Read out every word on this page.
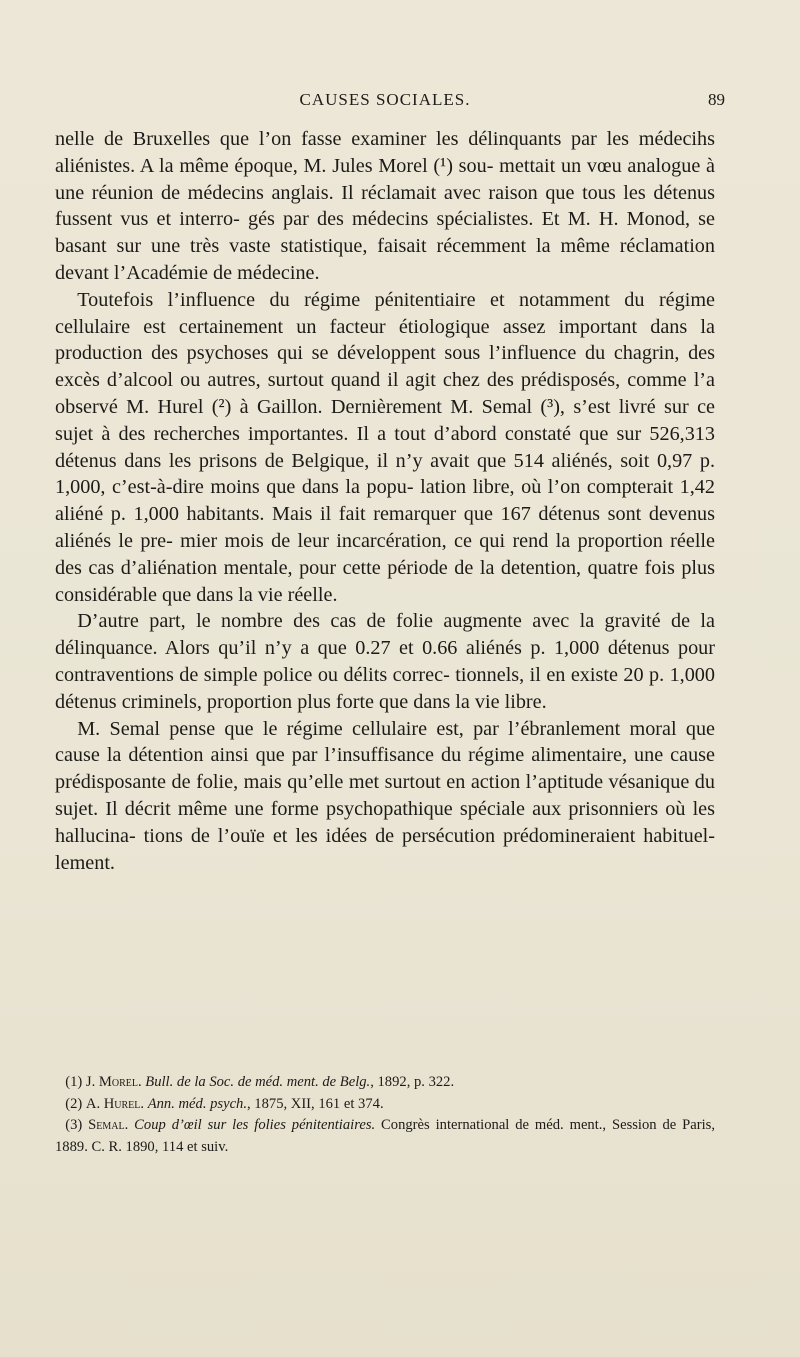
CAUSES SOCIALES.	89

nelle de Bruxelles que l’on fasse examiner les délinquants par les médecihs aliénistes. A la même époque, M. Jules Morel (¹) sou- mettait un vœu analogue à une réunion de médecins anglais. Il réclamait avec raison que tous les détenus fussent vus et interro- gés par des médecins spécialistes. Et M. H. Monod, se basant sur une très vaste statistique, faisait récemment la même réclamation devant l’Académie de médecine.

Toutefois l’influence du régime pénitentiaire et notamment du régime cellulaire est certainement un facteur étiologique assez important dans la production des psychoses qui se développent sous l’influence du chagrin, des excès d’alcool ou autres, surtout quand il agit chez des prédisposés, comme l’a observé M. Hurel (²) à Gaillon. Dernièrement M. Semal (³), s’est livré sur ce sujet à des recherches importantes. Il a tout d’abord constaté que sur 526,313 détenus dans les prisons de Belgique, il n’y avait que 514 aliénés, soit 0,97 p. 1,000, c’est-à-dire moins que dans la popu- lation libre, où l’on compterait 1,42 aliéné p. 1,000 habitants. Mais il fait remarquer que 167 détenus sont devenus aliénés le pre- mier mois de leur incarcération, ce qui rend la proportion réelle des cas d’aliénation mentale, pour cette période de la detention, quatre fois plus considérable que dans la vie réelle.

D’autre part, le nombre des cas de folie augmente avec la gravité de la délinquance. Alors qu’il n’y a que 0.27 et 0.66 aliénés p. 1,000 détenus pour contraventions de simple police ou délits correc- tionnels, il en existe 20 p. 1,000 détenus criminels, proportion plus forte que dans la vie libre.

M. Semal pense que le régime cellulaire est, par l’ébranlement moral que cause la détention ainsi que par l’insuffisance du régime alimentaire, une cause prédisposante de folie, mais qu’elle met surtout en action l’aptitude vésanique du sujet. Il décrit même une forme psychopathique spéciale aux prisonniers où les hallucina- tions de l’ouïe et les idées de persécution prédomineraient habituel- lement.

(1) J. Morel. Bull. de la Soc. de méd. ment. de Belg., 1892, p. 322.

(2) A. Hurel. Ann. méd. psych., 1875, XII, 161 et 374.

(3) Semal. Coup d’œil sur les folies pénitentiaires. Congrès international de méd. ment., Session de Paris, 1889. C. R. 1890, 114 et suiv.
